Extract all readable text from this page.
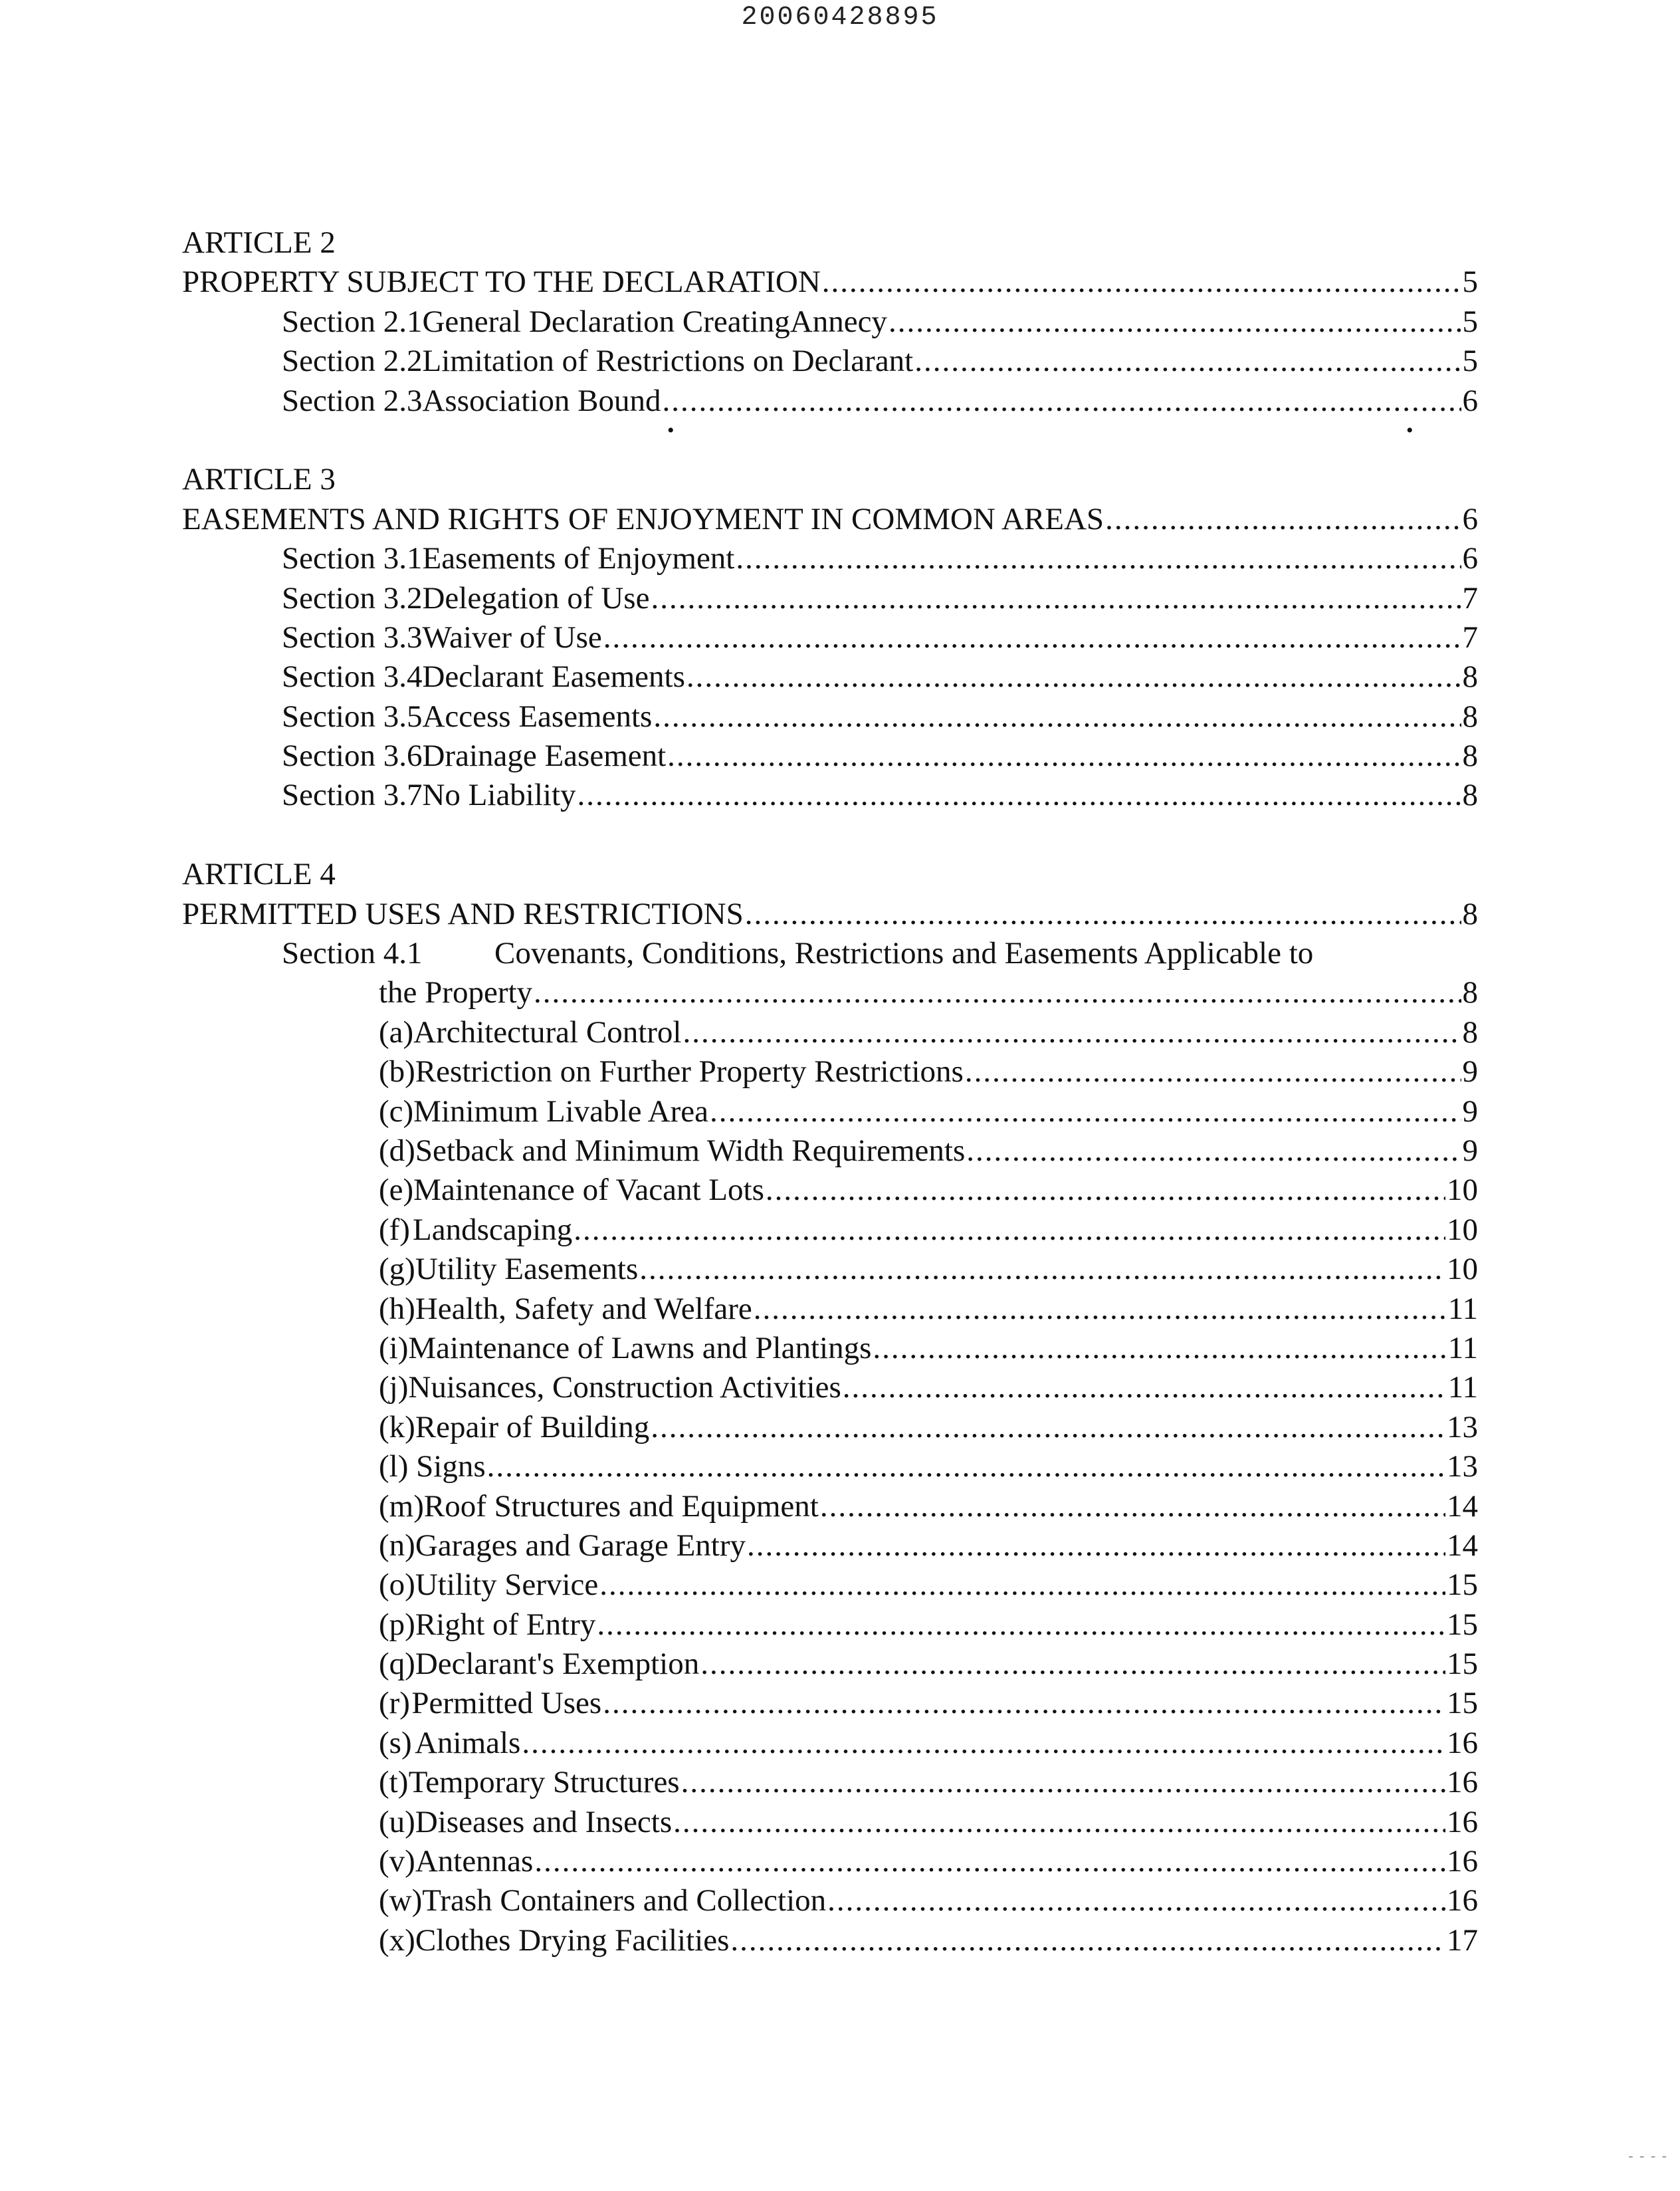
20060428895
ARTICLE 2
PROPERTY SUBJECT TO THE DECLARATION .....	5
Section 2.1 General Declaration CreatingAnnecy .....	5
Section 2.2 Limitation of Restrictions on Declarant .....	5
Section 2.3 Association Bound .....	6
•	•
ARTICLE 3
EASEMENTS AND RIGHTS OF ENJOYMENT IN COMMON AREAS .....	6
Section 3.1 Easements of Enjoyment .....	6
Section 3.2 Delegation of Use .....	7
Section 3.3 Waiver of Use .....	7
Section 3.4 Declarant Easements .....	8
Section 3.5 Access Easements .....	8
Section 3.6 Drainage Easement .....	8
Section 3.7 No Liability .....	8
ARTICLE 4
PERMITTED USES AND RESTRICTIONS .....	8
Section 4.1	Covenants, Conditions, Restrictions and Easements Applicable to
the Property .....	8
(a) Architectural Control .....	8
(b) Restriction on Further Property Restrictions .....	9
(c) Minimum Livable Area .....	9
(d) Setback and Minimum Width Requirements .....	9
(e) Maintenance of Vacant Lots .....	10
(f) Landscaping .....	10
(g) Utility Easements .....	10
(h) Health, Safety and Welfare .....	11
(i) Maintenance of Lawns and Plantings .....	11
(j) Nuisances, Construction Activities .....	11
(k) Repair of Building .....	13
(l) Signs .....	13
(m) Roof Structures and Equipment .....	14
(n) Garages and Garage Entry .....	14
(o) Utility Service .....	15
(p) Right of Entry .....	15
(q) Declarant's Exemption .....	15
(r) Permitted Uses .....	15
(s) Animals .....	16
(t) Temporary Structures .....	16
(u) Diseases and Insects .....	16
(v) Antennas .....	16
(w) Trash Containers and Collection .....	16
(x) Clothes Drying Facilities .....	17
- - - -
